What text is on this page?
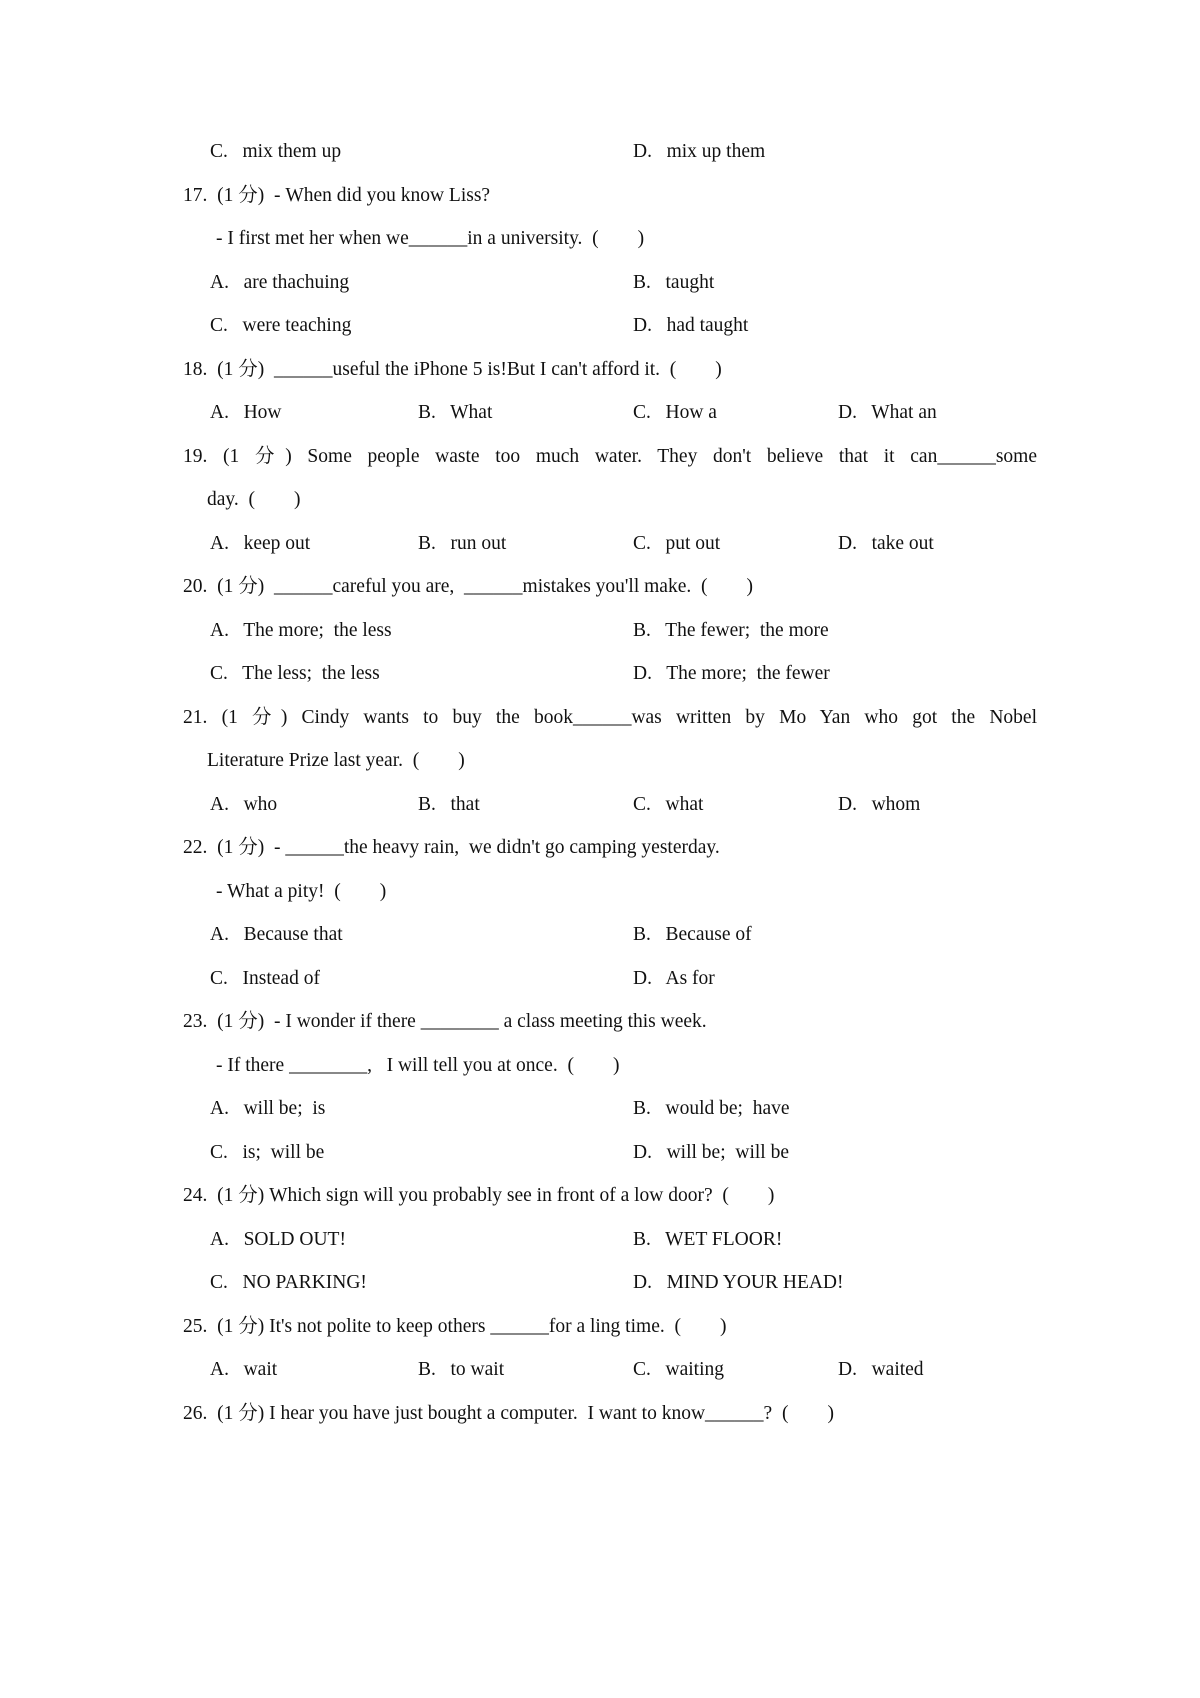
C.   mix them up	D.   mix up them
17.  (1 分)  - When did you know Liss?
- I first met her when we______in a university.  (        )
A.   are thachuing	B.   taught
C.   were teaching	D.   had taught
18.  (1 分)  ______useful the iPhone 5 is!But I can't afford it.  (        )
A.   How	B.   What	C.   How a	D.   What an
19. (1 分) Some people waste too much water. They don't believe that it can______some
day.  (        )
A.   keep out	B.   run out	C.   put out	D.   take out
20.  (1 分)  ______careful you are,  ______mistakes you'll make.  (        )
A.   The more;  the less	B.   The fewer;  the more
C.   The less;  the less	D.   The more;  the fewer
21. (1 分) Cindy wants to buy the book______was written by Mo Yan who got the Nobel
Literature Prize last year.  (        )
A.   who	B.   that	C.   what	D.   whom
22.  (1 分)  - ______the heavy rain,  we didn't go camping yesterday.
- What a pity!  (        )
A.   Because that	B.   Because of
C.   Instead of	D.   As for
23.  (1 分)  - I wonder if there ________ a class meeting this week.
- If there ________,   I will tell you at once.  (        )
A.   will be;  is	B.   would be;  have
C.   is;  will be	D.   will be;  will be
24.  (1 分) Which sign will you probably see in front of a low door?  (        )
A.   SOLD OUT!	B.   WET FLOOR!
C.   NO PARKING!	D.   MIND YOUR HEAD!
25.  (1 分) It's not polite to keep others ______for a ling time.  (        )
A.   wait	B.   to wait	C.   waiting	D.   waited
26.  (1 分) I hear you have just bought a computer.  I want to know______?  (        )
